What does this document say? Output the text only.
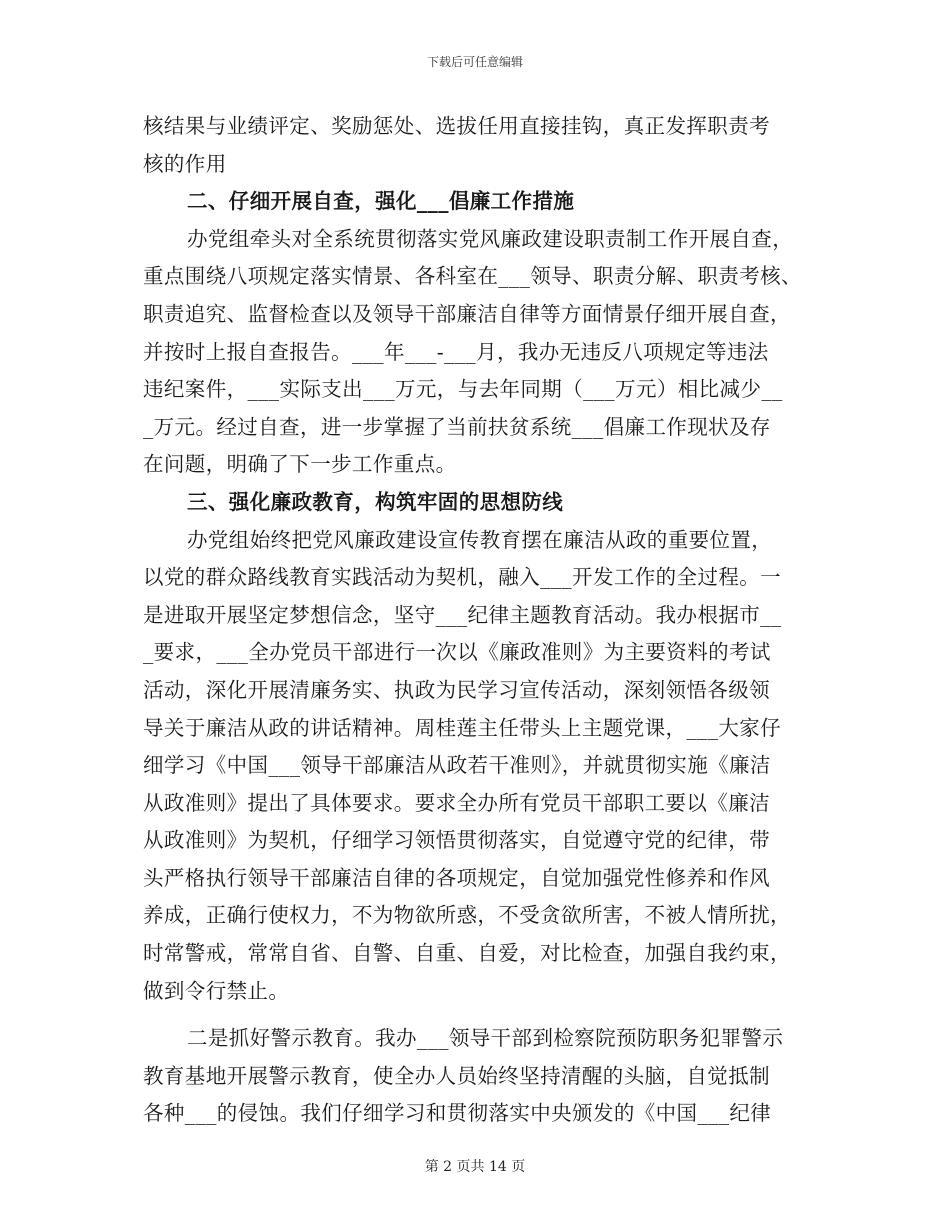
下载后可任意编辑
核结果与业绩评定、奖励惩处、选拔任用直接挂钩，真正发挥职责考
核的作用
二、仔细开展自查，强化___倡廉工作措施
办党组牵头对全系统贯彻落实党风廉政建设职责制工作开展自查，
重点围绕八项规定落实情景、各科室在___领导、职责分解、职责考核、
职责追究、监督检查以及领导干部廉洁自律等方面情景仔细开展自查，
并按时上报自查报告。___年___-___月，我办无违反八项规定等违法
违纪案件，___实际支出___万元，与去年同期（___万元）相比减少__
_万元。经过自查，进一步掌握了当前扶贫系统___倡廉工作现状及存
在问题，明确了下一步工作重点。
三、强化廉政教育，构筑牢固的思想防线
办党组始终把党风廉政建设宣传教育摆在廉洁从政的重要位置，
以党的群众路线教育实践活动为契机，融入___开发工作的全过程。一
是进取开展坚定梦想信念，坚守___纪律主题教育活动。我办根据市__
_要求，___全办党员干部进行一次以《廉政准则》为主要资料的考试
活动，深化开展清廉务实、执政为民学习宣传活动，深刻领悟各级领
导关于廉洁从政的讲话精神。周桂莲主任带头上主题党课，___大家仔
细学习《中国___领导干部廉洁从政若干准则》，并就贯彻实施《廉洁
从政准则》提出了具体要求。要求全办所有党员干部职工要以《廉洁
从政准则》为契机，仔细学习领悟贯彻落实，自觉遵守党的纪律，带
头严格执行领导干部廉洁自律的各项规定，自觉加强党性修养和作风
养成，正确行使权力，不为物欲所惑，不受贪欲所害，不被人情所扰，
时常警戒，常常自省、自警、自重、自爱，对比检查，加强自我约束，
做到令行禁止。
二是抓好警示教育。我办___领导干部到检察院预防职务犯罪警示
教育基地开展警示教育，使全办人员始终坚持清醒的头脑，自觉抵制
各种___的侵蚀。我们仔细学习和贯彻落实中央颁发的《中国___纪律
第 2 页共 14 页
